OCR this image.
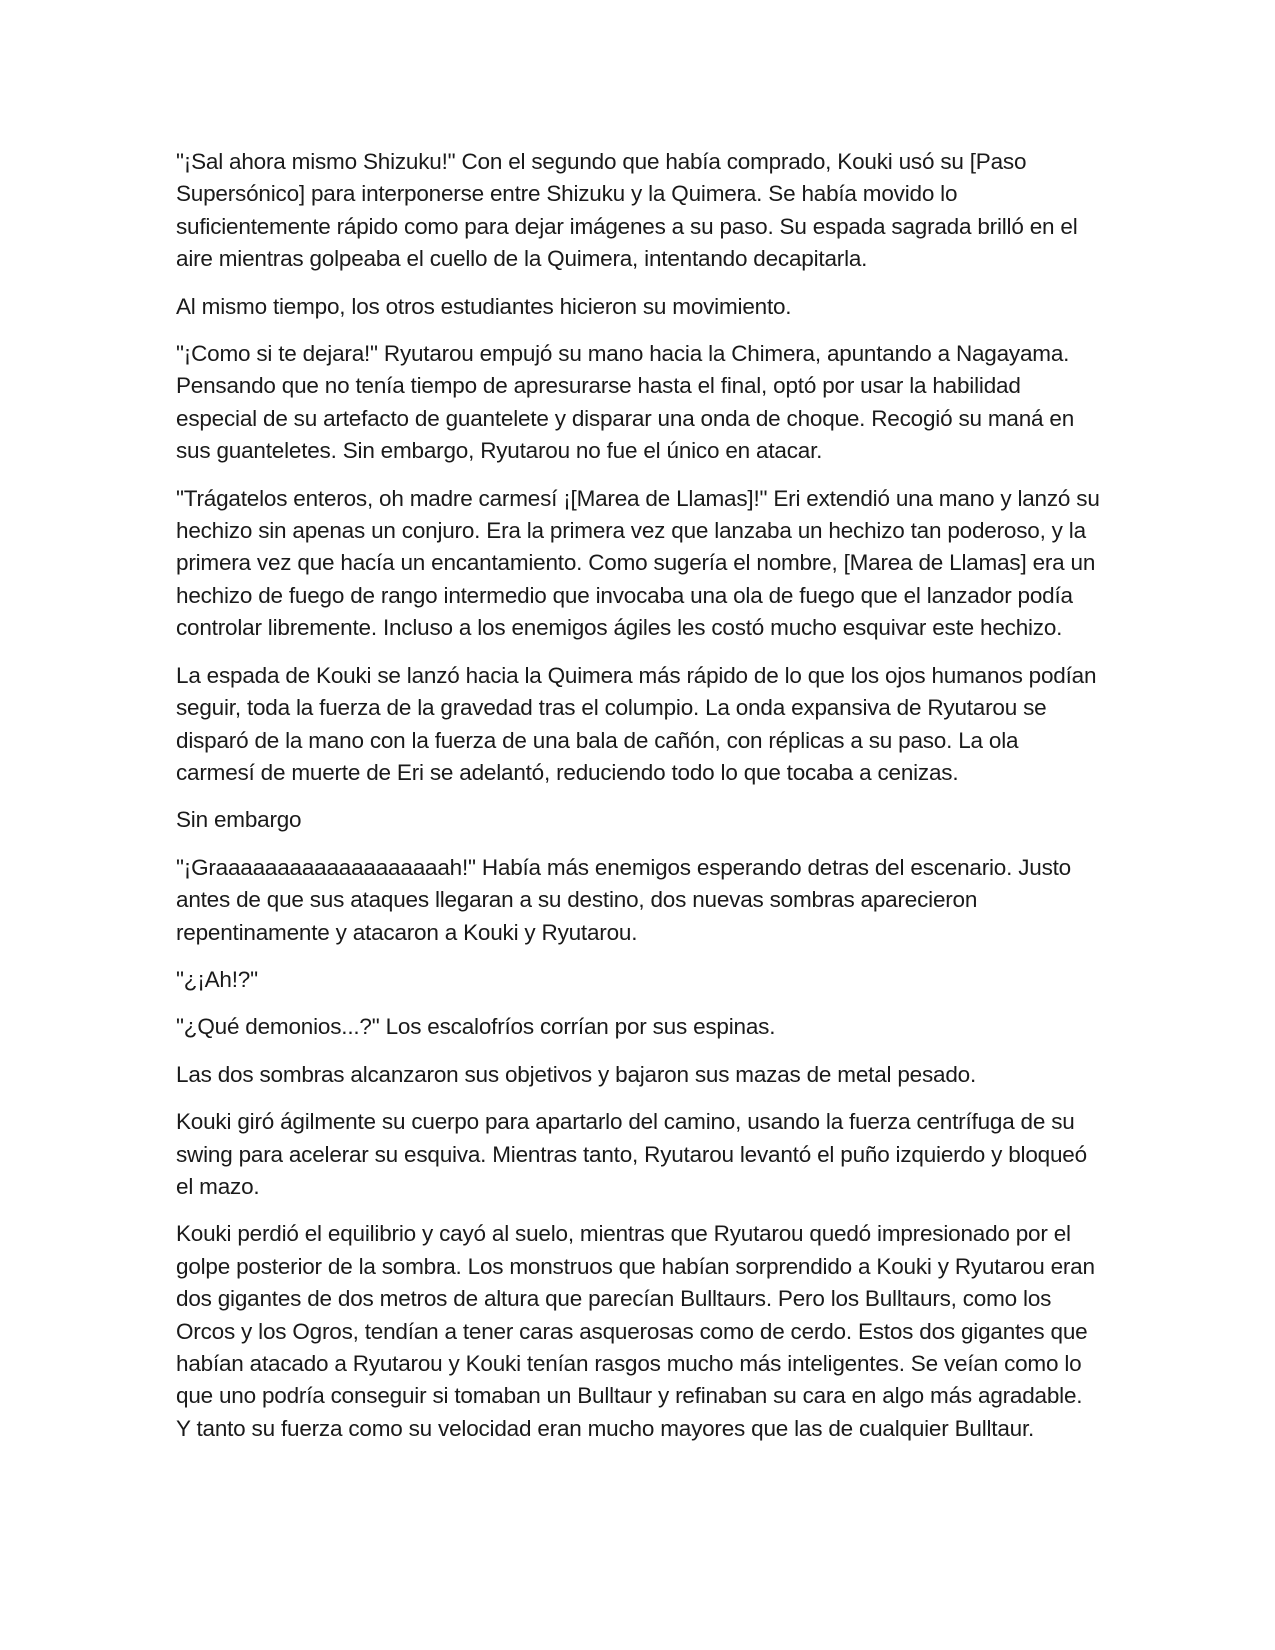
"¡Sal ahora mismo Shizuku!" Con el segundo que había comprado, Kouki usó su [Paso Supersónico] para interponerse entre Shizuku y la Quimera. Se había movido lo suficientemente rápido como para dejar imágenes a su paso. Su espada sagrada brilló en el aire mientras golpeaba el cuello de la Quimera, intentando decapitarla.

Al mismo tiempo, los otros estudiantes hicieron su movimiento.

"¡Como si te dejara!" Ryutarou empujó su mano hacia la Chimera, apuntando a Nagayama. Pensando que no tenía tiempo de apresurarse hasta el final, optó por usar la habilidad especial de su artefacto de guantelete y disparar una onda de choque. Recogió su maná en sus guanteletes. Sin embargo, Ryutarou no fue el único en atacar.

"Trágatelos enteros, oh madre carmesí ¡[Marea de Llamas]!" Eri extendió una mano y lanzó su hechizo sin apenas un conjuro. Era la primera vez que lanzaba un hechizo tan poderoso, y la primera vez que hacía un encantamiento. Como sugería el nombre, [Marea de Llamas] era un hechizo de fuego de rango intermedio que invocaba una ola de fuego que el lanzador podía controlar libremente. Incluso a los enemigos ágiles les costó mucho esquivar este hechizo.

La espada de Kouki se lanzó hacia la Quimera más rápido de lo que los ojos humanos podían seguir, toda la fuerza de la gravedad tras el columpio. La onda expansiva de Ryutarou se disparó de la mano con la fuerza de una bala de cañón, con réplicas a su paso. La ola carmesí de muerte de Eri se adelantó, reduciendo todo lo que tocaba a cenizas.

Sin embargo

"¡Graaaaaaaaaaaaaaaaaaah!" Había más enemigos esperando detras del escenario. Justo antes de que sus ataques llegaran a su destino, dos nuevas sombras aparecieron repentinamente y atacaron a Kouki y Ryutarou.

"¿¡Ah!?"

"¿Qué demonios...?" Los escalofríos corrían por sus espinas.

Las dos sombras alcanzaron sus objetivos y bajaron sus mazas de metal pesado.

Kouki giró ágilmente su cuerpo para apartarlo del camino, usando la fuerza centrífuga de su swing para acelerar su esquiva. Mientras tanto, Ryutarou levantó el puño izquierdo y bloqueó el mazo.

Kouki perdió el equilibrio y cayó al suelo, mientras que Ryutarou quedó impresionado por el golpe posterior de la sombra. Los monstruos que habían sorprendido a Kouki y Ryutarou eran dos gigantes de dos metros de altura que parecían Bulltaurs. Pero los Bulltaurs, como los Orcos y los Ogros, tendían a tener caras asquerosas como de cerdo. Estos dos gigantes que habían atacado a Ryutarou y Kouki tenían rasgos mucho más inteligentes. Se veían como lo que uno podría conseguir si tomaban un Bulltaur y refinaban su cara en algo más agradable. Y tanto su fuerza como su velocidad eran mucho mayores que las de cualquier Bulltaur.
